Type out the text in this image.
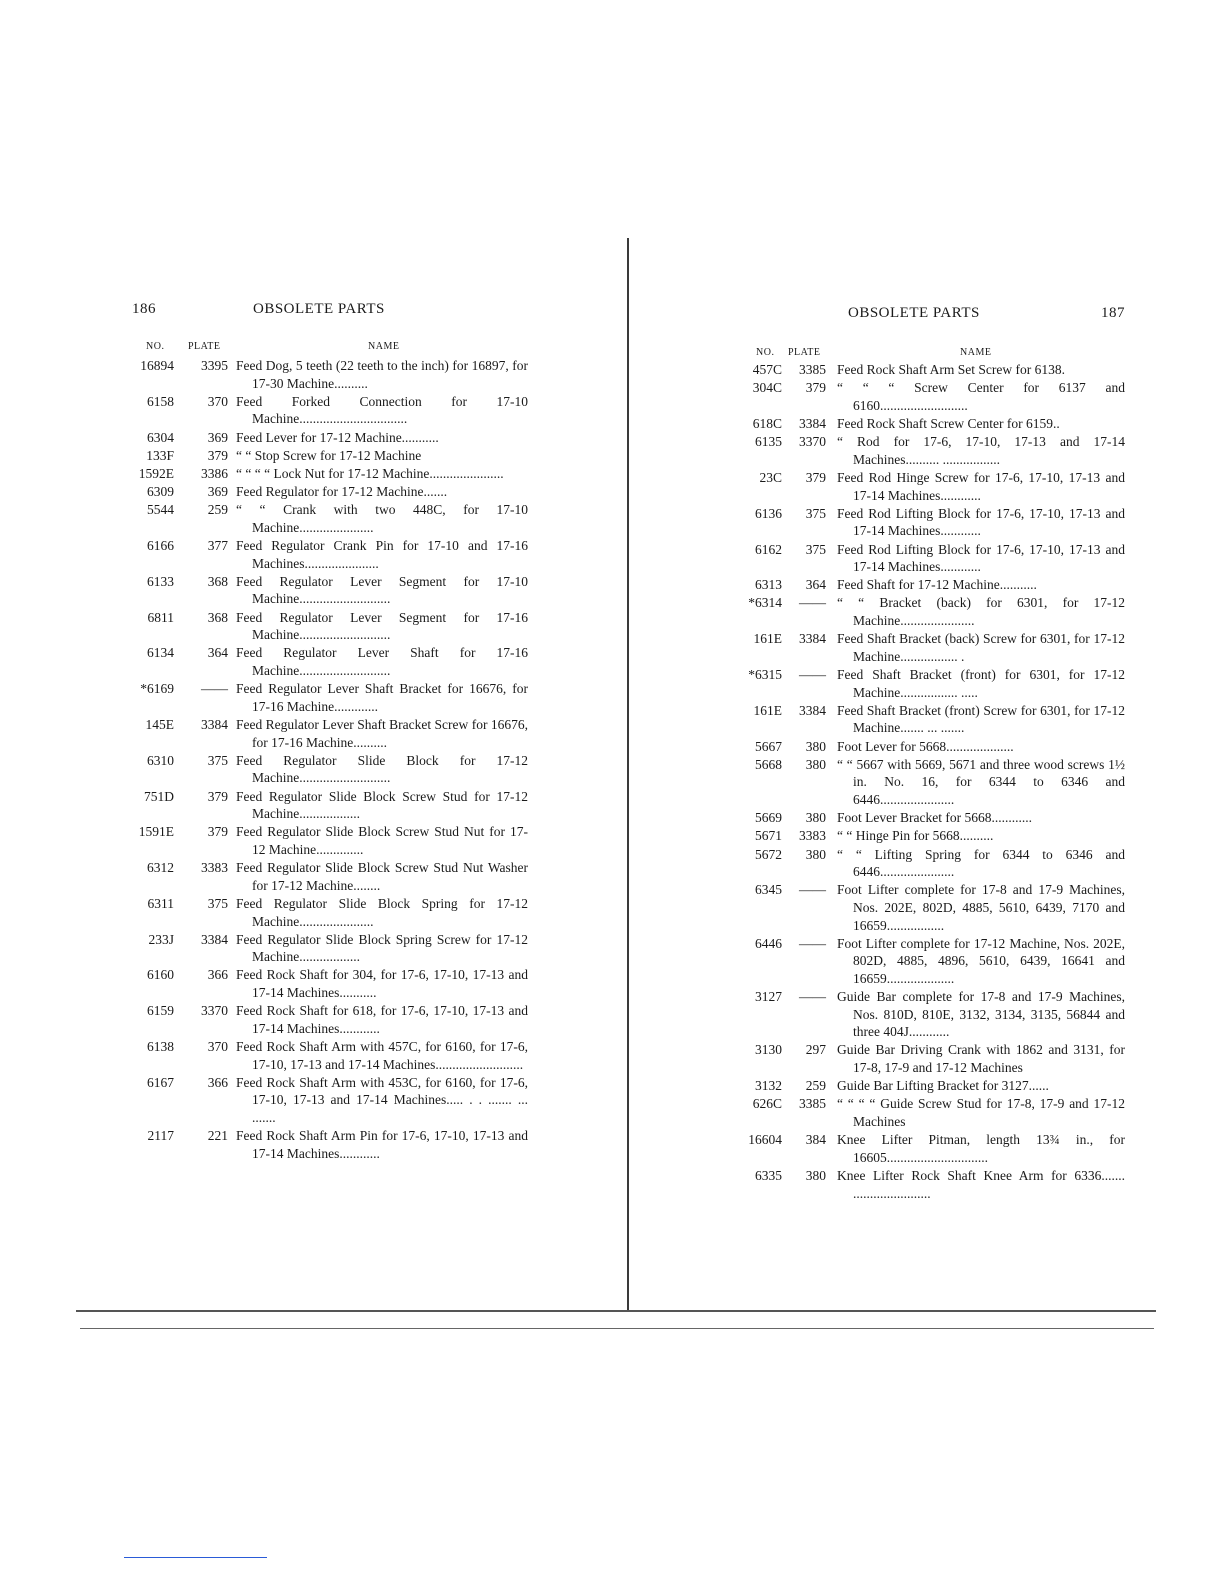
186	OBSOLETE PARTS
NO. PLATE	NAME
16894	3395 Feed Dog, 5 teeth (22 teeth to the inch) for 16897, for 17-30 Machine..........
6158	370 Feed Forked Connection for 17-10 Machine................................
6304	369 Feed Lever for 17-12 Machine...........
133F	379 “ “ Stop Screw for 17-12 Machine
1592E	3386 “ “ “ “ Lock Nut for 17-12 Machine......................
6309	369 Feed Regulator for 17-12 Machine.......
5544	259 “ “ Crank with two 448C, for 17-10 Machine......................
6166	377 Feed Regulator Crank Pin for 17-10 and 17-16 Machines......................
6133	368 Feed Regulator Lever Segment for 17-10 Machine...........................
6811	368 Feed Regulator Lever Segment for 17-16 Machine...........................
6134	364 Feed Regulator Lever Shaft for 17-16 Machine...........................
*6169	—— Feed Regulator Lever Shaft Bracket for 16676, for 17-16 Machine.............
145E	3384 Feed Regulator Lever Shaft Bracket Screw for 16676, for 17-16 Machine..........
6310	375 Feed Regulator Slide Block for 17-12 Machine...........................
751D	379 Feed Regulator Slide Block Screw Stud for 17-12 Machine..................
1591E	379 Feed Regulator Slide Block Screw Stud Nut for 17-12 Machine..............
6312	3383 Feed Regulator Slide Block Screw Stud Nut Washer for 17-12 Machine........
6311	375 Feed Regulator Slide Block Spring for 17-12 Machine......................
233J	3384 Feed Regulator Slide Block Spring Screw for 17-12 Machine..................
6160	366 Feed Rock Shaft for 304, for 17-6, 17-10, 17-13 and 17-14 Machines...........
6159	3370 Feed Rock Shaft for 618, for 17-6, 17-10, 17-13 and 17-14 Machines............
6138	370 Feed Rock Shaft Arm with 457C, for 6160, for 17-6, 17-10, 17-13 and 17-14 Machines..........................
6167	366 Feed Rock Shaft Arm with 453C, for 6160, for 17-6, 17-10, 17-13 and 17-14 Machines..... . . ....... ... .......
2117	221 Feed Rock Shaft Arm Pin for 17-6, 17-10, 17-13 and 17-14 Machines............
OBSOLETE PARTS	187
NO. PLATE	NAME
457C	3385 Feed Rock Shaft Arm Set Screw for 6138.
304C	379 “ “ “ Screw Center for 6137 and 6160..........................
618C	3384 Feed Rock Shaft Screw Center for 6159..
6135	3370 “ Rod for 17-6, 17-10, 17-13 and 17-14 Machines.......... .................
23C	379 Feed Rod Hinge Screw for 17-6, 17-10, 17-13 and 17-14 Machines............
6136	375 Feed Rod Lifting Block for 17-6, 17-10, 17-13 and 17-14 Machines............
6162	375 Feed Rod Lifting Block for 17-6, 17-10, 17-13 and 17-14 Machines............
6313	364 Feed Shaft for 17-12 Machine...........
*6314	—— “ “ Bracket (back) for 6301, for 17-12 Machine......................
161E	3384 Feed Shaft Bracket (back) Screw for 6301, for 17-12 Machine................. .
*6315	—— Feed Shaft Bracket (front) for 6301, for 17-12 Machine................. .....
161E	3384 Feed Shaft Bracket (front) Screw for 6301, for 17-12 Machine....... ... .......
5667	380 Foot Lever for 5668....................
5668	380 “ “ 5667 with 5669, 5671 and three wood screws 1½ in. No. 16, for 6344 to 6346 and 6446......................
5669	380 Foot Lever Bracket for 5668............
5671	3383 “ “ Hinge Pin for 5668..........
5672	380 “ “ Lifting Spring for 6344 to 6346 and 6446......................
6345	—— Foot Lifter complete for 17-8 and 17-9 Machines, Nos. 202E, 802D, 4885, 5610, 6439, 7170 and 16659.................
6446	—— Foot Lifter complete for 17-12 Machine, Nos. 202E, 802D, 4885, 4896, 5610, 6439, 16641 and 16659....................
3127	—— Guide Bar complete for 17-8 and 17-9 Machines, Nos. 810D, 810E, 3132, 3134, 3135, 56844 and three 404J............
3130	297 Guide Bar Driving Crank with 1862 and 3131, for 17-8, 17-9 and 17-12 Machines
3132	259 Guide Bar Lifting Bracket for 3127......
626C	3385 “ “ “ “ Guide Screw Stud for 17-8, 17-9 and 17-12 Machines
16604	384 Knee Lifter Pitman, length 13¾ in., for 16605..............................
6335	380 Knee Lifter Rock Shaft Knee Arm for 6336....... .......................
